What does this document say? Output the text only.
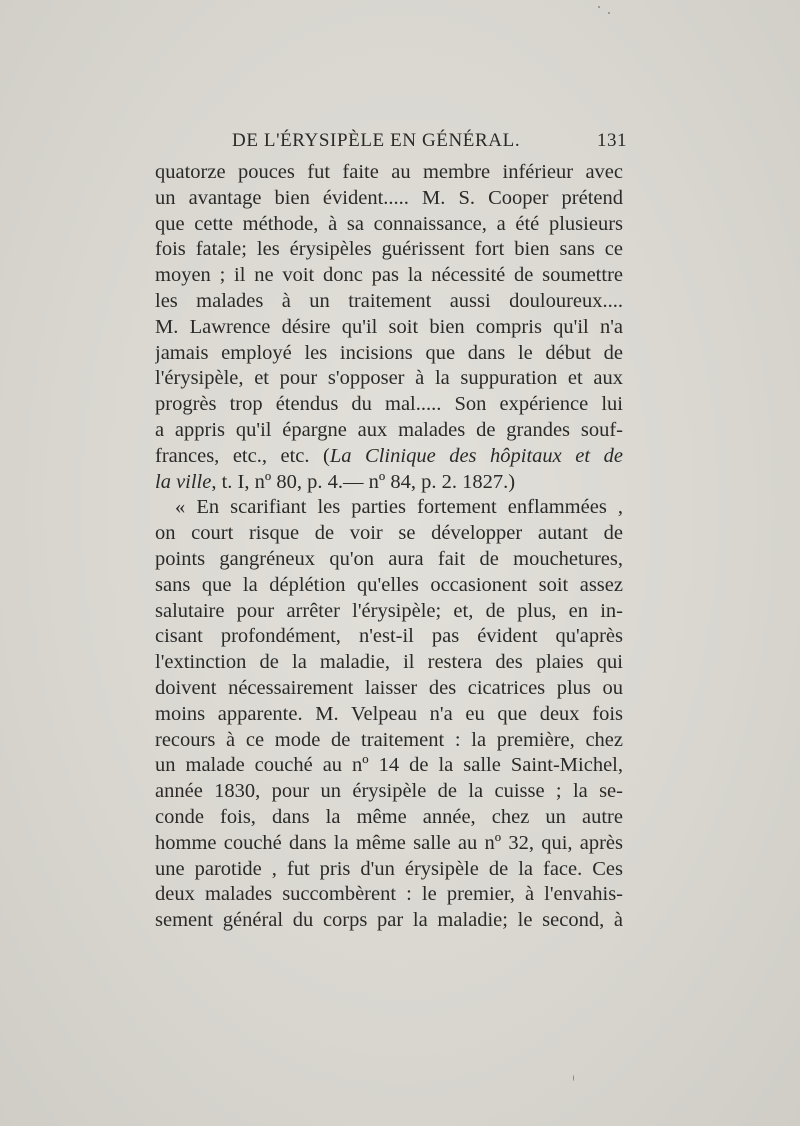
DE L'ÉRYSIPÈLE EN GÉNÉRAL.	131
quatorze pouces fut faite au membre inférieur avec
un avantage bien évident..... M. S. Cooper prétend
que cette méthode, à sa connaissance, a été plusieurs
fois fatale; les érysipèles guérissent fort bien sans ce
moyen ; il ne voit donc pas la nécessité de soumettre
les malades à un traitement aussi douloureux....
M. Lawrence désire qu'il soit bien compris qu'il n'a
jamais employé les incisions que dans le début de
l'érysipèle, et pour s'opposer à la suppuration et aux
progrès trop étendus du mal..... Son expérience lui
a appris qu'il épargne aux malades de grandes souf-
frances, etc., etc. (La Clinique des hôpitaux et de
la ville, t. I, nº 80, p. 4.— nº 84, p. 2. 1827.)
« En scarifiant les parties fortement enflammées ,
on court risque de voir se développer autant de
points gangréneux qu'on aura fait de mouchetures,
sans que la déplétion qu'elles occasionent soit assez
salutaire pour arrêter l'érysipèle; et, de plus, en in-
cisant profondément, n'est-il pas évident qu'après
l'extinction de la maladie, il restera des plaies qui
doivent nécessairement laisser des cicatrices plus ou
moins apparente. M. Velpeau n'a eu que deux fois
recours à ce mode de traitement : la première, chez
un malade couché au nº 14 de la salle Saint-Michel,
année 1830, pour un érysipèle de la cuisse ; la se-
conde fois, dans la même année, chez un autre
homme couché dans la même salle au nº 32, qui, après
une parotide , fut pris d'un érysipèle de la face. Ces
deux malades succombèrent : le premier, à l'envahis-
sement général du corps par la maladie; le second, à
